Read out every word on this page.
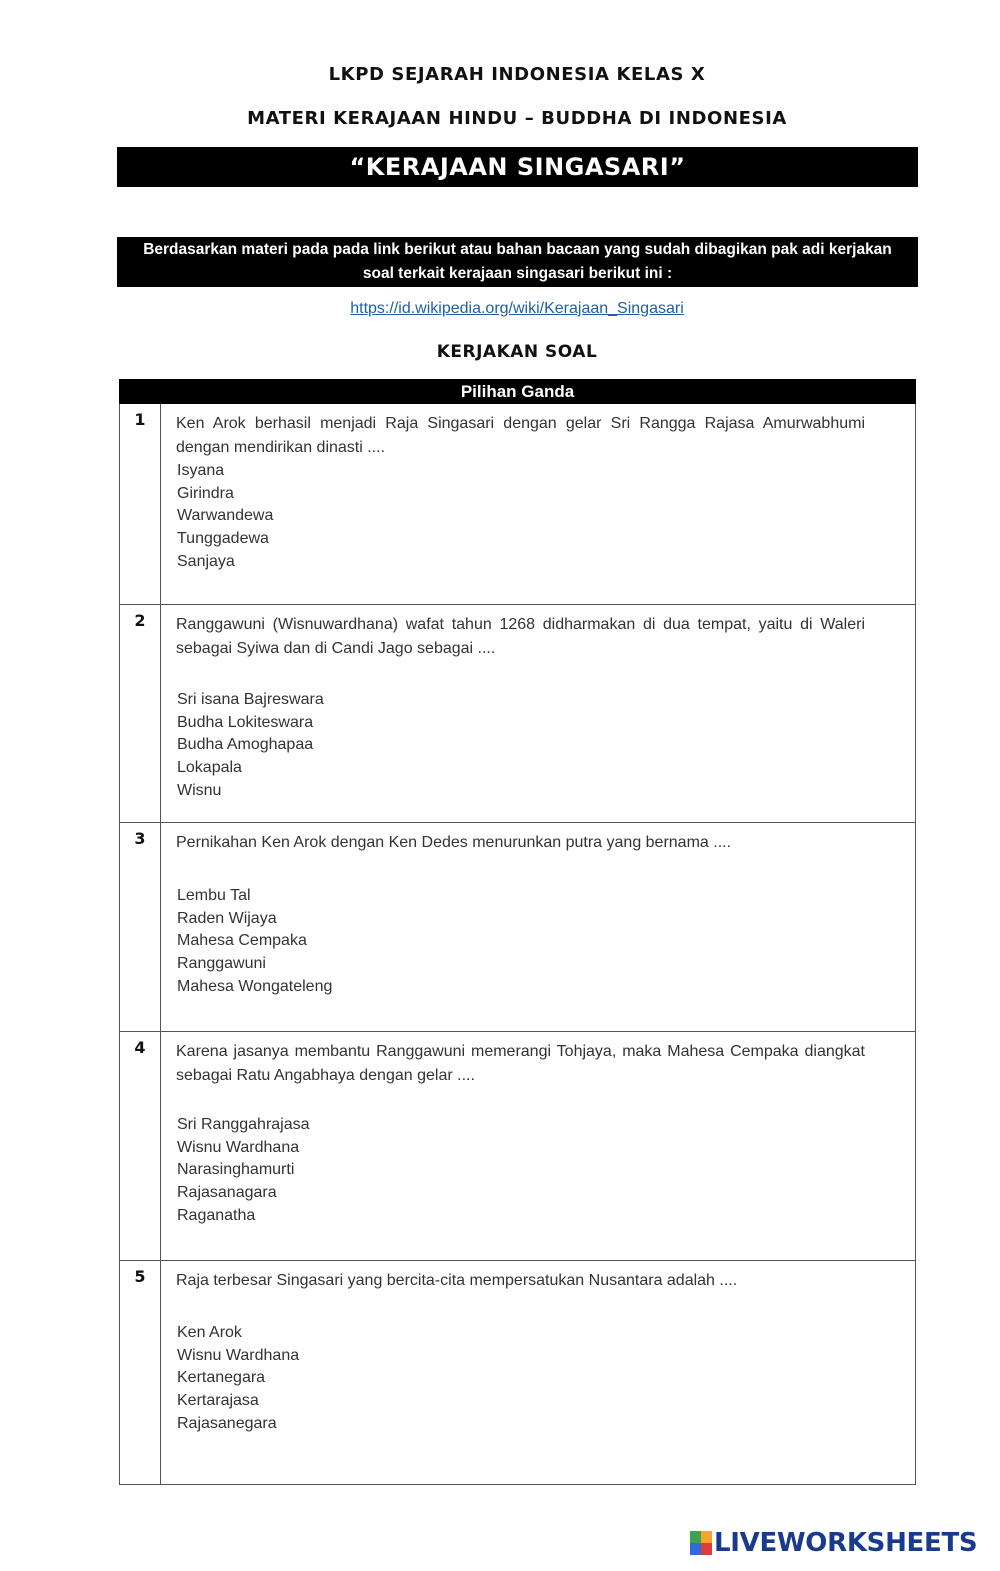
LKPD SEJARAH INDONESIA KELAS X
MATERI KERAJAAN HINDU – BUDDHA DI INDONESIA
“KERAJAAN SINGASARI”
Berdasarkan materi pada pada link berikut atau bahan bacaan yang sudah dibagikan pak adi kerjakan
soal terkait kerajaan singasari berikut ini :
https://id.wikipedia.org/wiki/Kerajaan_Singasari
KERJAKAN SOAL
Pilihan Ganda
1	Ken Arok berhasil menjadi Raja Singasari dengan gelar Sri Rangga Rajasa Amurwabhumi dengan mendirikan dinasti ....
Isyana
Girindra
Warwandewa
Tunggadewa
Sanjaya
2	Ranggawuni (Wisnuwardhana) wafat tahun 1268 didharmakan di dua tempat, yaitu di Waleri sebagai Syiwa dan di Candi Jago sebagai ....
Sri isana Bajreswara
Budha Lokiteswara
Budha Amoghapaa
Lokapala
Wisnu
3	Pernikahan Ken Arok dengan Ken Dedes menurunkan putra yang bernama ....
Lembu Tal
Raden Wijaya
Mahesa Cempaka
Ranggawuni
Mahesa Wongateleng
4	Karena jasanya membantu Ranggawuni memerangi Tohjaya, maka Mahesa Cempaka diangkat sebagai Ratu Angabhaya dengan gelar ....
Sri Ranggahrajasa
Wisnu Wardhana
Narasinghamurti
Rajasanagara
Raganatha
5	Raja terbesar Singasari yang bercita-cita mempersatukan Nusantara adalah ....
Ken Arok
Wisnu Wardhana
Kertanegara
Kertarajasa
Rajasanegara
LIVEWORKSHEETS
